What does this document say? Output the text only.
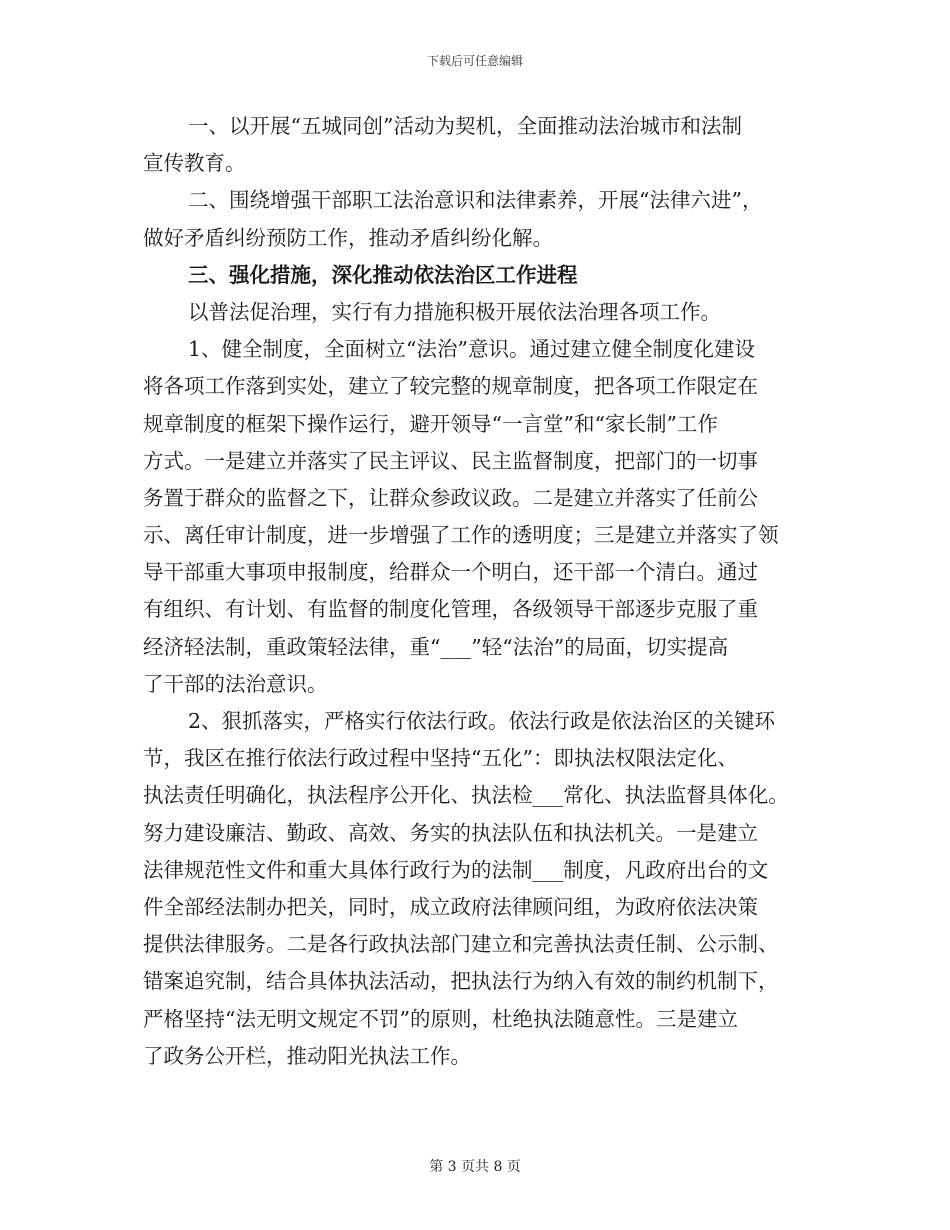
下载后可任意编辑
一、以开展“五城同创”活动为契机，全面推动法治城市和法制
宣传教育。
二、围绕增强干部职工法治意识和法律素养，开展“法律六进”，
做好矛盾纠纷预防工作，推动矛盾纠纷化解。
三、强化措施，深化推动依法治区工作进程
以普法促治理，实行有力措施积极开展依法治理各项工作。
1、健全制度，全面树立“法治”意识。通过建立健全制度化建设
将各项工作落到实处，建立了较完整的规章制度，把各项工作限定在
规章制度的框架下操作运行，避开领导“一言堂”和“家长制”工作
方式。一是建立并落实了民主评议、民主监督制度，把部门的一切事
务置于群众的监督之下，让群众参政议政。二是建立并落实了任前公
示、离任审计制度，进一步增强了工作的透明度；三是建立并落实了领
导干部重大事项申报制度，给群众一个明白，还干部一个清白。通过
有组织、有计划、有监督的制度化管理，各级领导干部逐步克服了重
经济轻法制，重政策轻法律，重“___”轻“法治”的局面，切实提高
了干部的法治意识。
2、狠抓落实，严格实行依法行政。依法行政是依法治区的关键环
节，我区在推行依法行政过程中坚持“五化”：即执法权限法定化、
执法责任明确化，执法程序公开化、执法检___常化、执法监督具体化。
努力建设廉洁、勤政、高效、务实的执法队伍和执法机关。一是建立
法律规范性文件和重大具体行政行为的法制___制度，凡政府出台的文
件全部经法制办把关，同时，成立政府法律顾问组，为政府依法决策
提供法律服务。二是各行政执法部门建立和完善执法责任制、公示制、
错案追究制，结合具体执法活动，把执法行为纳入有效的制约机制下，
严格坚持“法无明文规定不罚”的原则，杜绝执法随意性。三是建立
了政务公开栏，推动阳光执法工作。
第 3 页共 8 页
